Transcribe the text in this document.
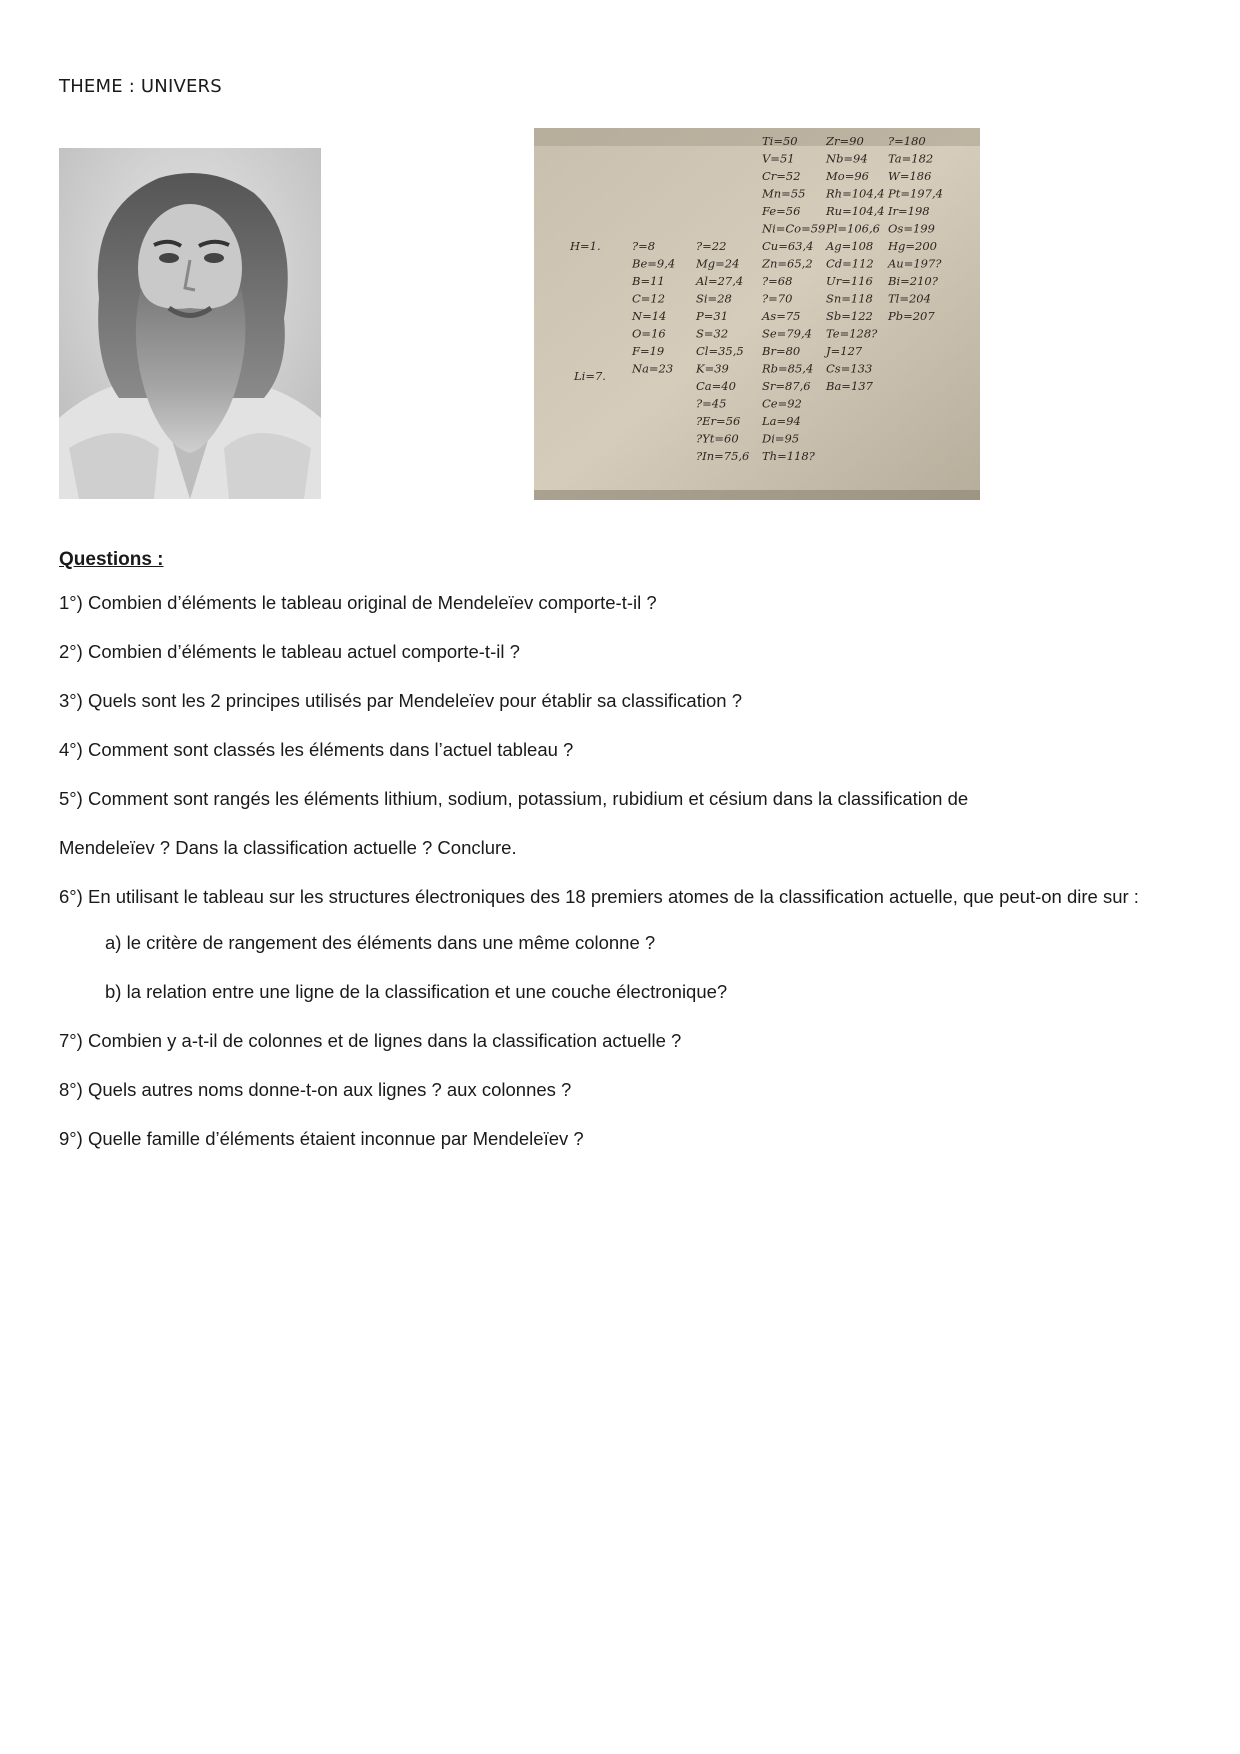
THEME : UNIVERS
Ti=50
V=51
Cr=52
Mn=55
Fe=56
Ni=Co=59
Cu=63,4
Zn=65,2
?=68
?=70
As=75
Se=79,4
Br=80
Rb=85,4
Sr=87,6
Ce=92
La=94
Di=95
Th=118?
Zr=90
Nb=94
Mo=96
Rh=104,4
Ru=104,4
Pl=106,6
Ag=108
Cd=112
Ur=116
Sn=118
Sb=122
Te=128?
J=127
Cs=133
Ba=137
?=180
Ta=182
W=186
Pt=197,4
Ir=198
Os=199
Hg=200
Au=197?
Bi=210?
Tl=204
Pb=207
?=22
Mg=24
Al=27,4
Si=28
P=31
S=32
Cl=35,5
K=39
Ca=40
?=45
?Er=56
?Yt=60
?In=75,6
?=8
Be=9,4
B=11
C=12
N=14
O=16
F=19
Na=23
H=1.
Li=7.
Questions :
1°) Combien d’éléments le tableau original de Mendeleïev comporte-t-il ?
2°) Combien d’éléments le tableau actuel comporte-t-il ?
3°) Quels sont les 2 principes utilisés par Mendeleïev pour établir sa classification ?
4°) Comment sont classés les éléments dans l’actuel tableau ?
5°) Comment sont rangés les éléments lithium, sodium, potassium, rubidium et césium dans la classification de
Mendeleïev ? Dans la classification actuelle ? Conclure.
6°) En utilisant le tableau sur les structures électroniques des 18 premiers atomes de la classification actuelle, que peut-on dire sur :
a) le critère de rangement des éléments dans une même colonne ?
b) la relation entre une ligne de la classification et une couche électronique?
7°) Combien y a-t-il de colonnes et de lignes dans la classification actuelle ?
8°) Quels autres noms donne-t-on aux lignes ? aux colonnes ?
9°) Quelle famille d’éléments étaient inconnue par Mendeleïev ?
